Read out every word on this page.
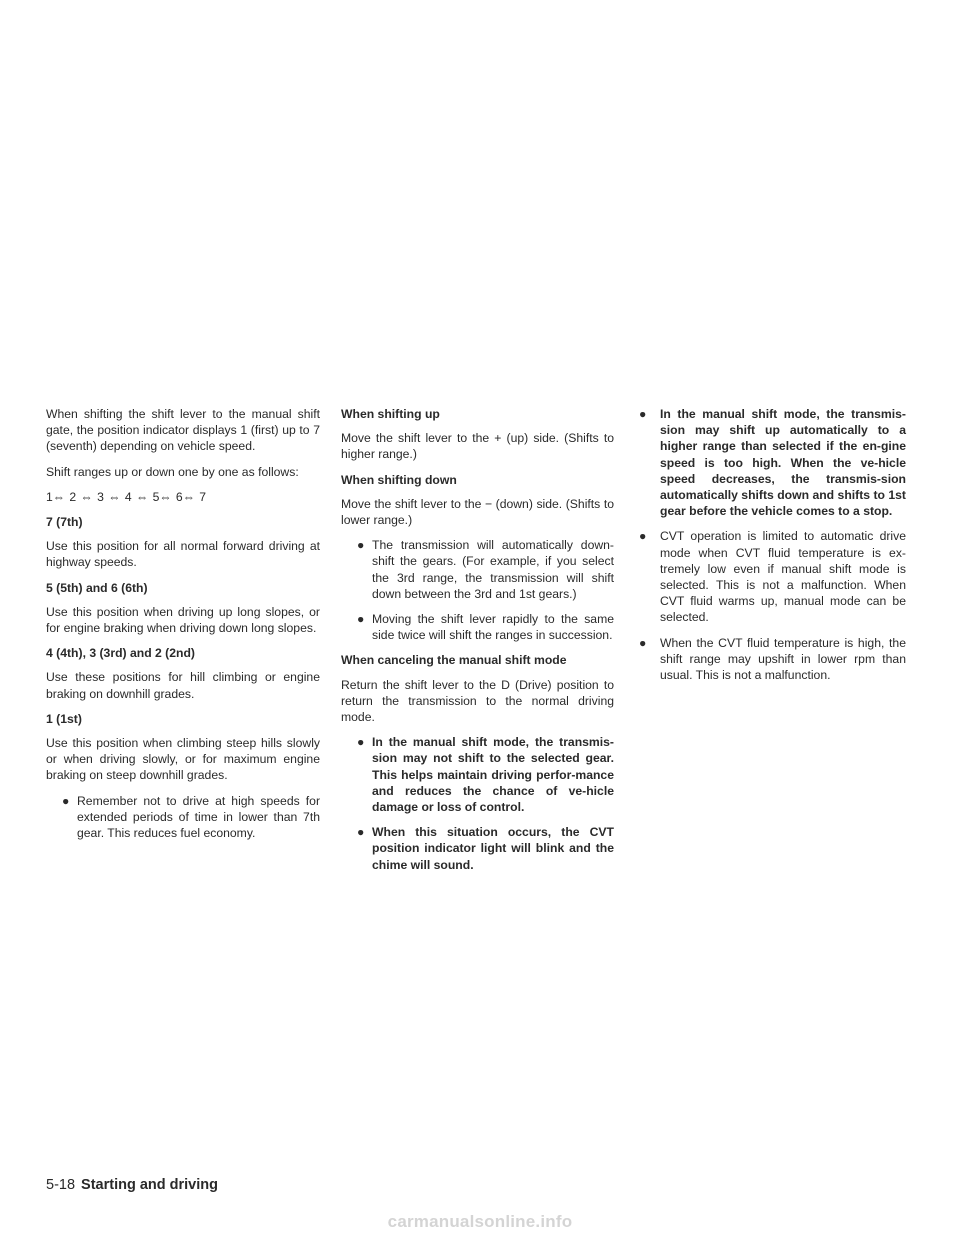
When shifting the shift lever to the manual shift gate, the position indicator displays 1 (first) up to 7 (seventh) depending on vehicle speed.

Shift ranges up or down one by one as follows:

1⇔ 2 ⇔ 3 ⇔ 4 ⇔ 5⇔ 6⇔ 7

7 (7th)

Use this position for all normal forward driving at highway speeds.

5 (5th) and 6 (6th)

Use this position when driving up long slopes, or for engine braking when driving down long slopes.

4 (4th), 3 (3rd) and 2 (2nd)

Use these positions for hill climbing or engine braking on downhill grades.

1 (1st)

Use this position when climbing steep hills slowly or when driving slowly, or for maximum engine braking on steep downhill grades.

● Remember not to drive at high speeds for extended periods of time in lower than 7th gear. This reduces fuel economy.

When shifting up

Move the shift lever to the + (up) side. (Shifts to higher range.)

When shifting down

Move the shift lever to the − (down) side. (Shifts to lower range.)

● The transmission will automatically down-shift the gears. (For example, if you select the 3rd range, the transmission will shift down between the 3rd and 1st gears.)
● Moving the shift lever rapidly to the same side twice will shift the ranges in succession.

When canceling the manual shift mode

Return the shift lever to the D (Drive) position to return the transmission to the normal driving mode.

● In the manual shift mode, the transmis-sion may not shift to the selected gear. This helps maintain driving perfor-mance and reduces the chance of ve-hicle damage or loss of control.
● When this situation occurs, the CVT position indicator light will blink and the chime will sound.
● In the manual shift mode, the transmis-sion may shift up automatically to a higher range than selected if the en-gine speed is too high. When the ve-hicle speed decreases, the transmis-sion automatically shifts down and shifts to 1st gear before the vehicle comes to a stop.
● CVT operation is limited to automatic drive mode when CVT fluid temperature is ex-tremely low even if manual shift mode is selected. This is not a malfunction. When CVT fluid warms up, manual mode can be selected.
● When the CVT fluid temperature is high, the shift range may upshift in lower rpm than usual. This is not a malfunction.
5-18 Starting and driving
carmanualsonline.info
